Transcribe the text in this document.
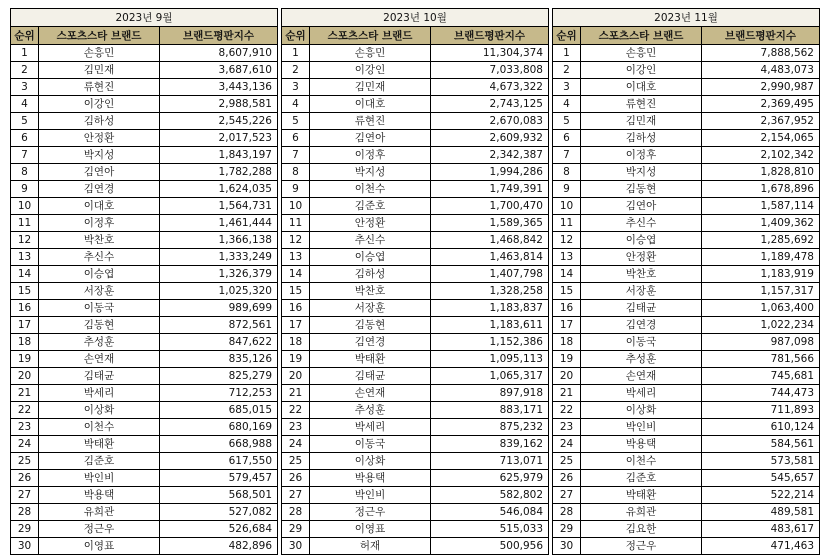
2023년 9월		
순위	스포츠스타 브랜드	브랜드평판지수
1	손흥민	8,607,910
2	김민재	3,687,610
3	류현진	3,443,136
4	이강인	2,988,581
5	김하성	2,545,226
6	안정환	2,017,523
7	박지성	1,843,197
8	김연아	1,782,288
9	김연경	1,624,035
10	이대호	1,564,731
11	이정후	1,461,444
12	박찬호	1,366,138
13	추신수	1,333,249
14	이승엽	1,326,379
15	서장훈	1,025,320
16	이동국	989,699
17	김동현	872,561
18	추성훈	847,622
19	손연재	835,126
20	김태균	825,279
21	박세리	712,253
22	이상화	685,015
23	이천수	680,169
24	박태환	668,988
25	김준호	617,550
26	박인비	579,457
27	박용택	568,501
28	유희관	527,082
29	정근우	526,684
30	이영표	482,896
2023년 10월		
순위	스포츠스타 브랜드	브랜드평판지수
1	손흥민	11,304,374
2	이강인	7,033,808
3	김민재	4,673,322
4	이대호	2,743,125
5	류현진	2,670,083
6	김연아	2,609,932
7	이정후	2,342,387
8	박지성	1,994,286
9	이천수	1,749,391
10	김준호	1,700,470
11	안정환	1,589,365
12	추신수	1,468,842
13	이승엽	1,463,814
14	김하성	1,407,798
15	박찬호	1,328,258
16	서장훈	1,183,837
17	김동현	1,183,611
18	김연경	1,152,386
19	박태환	1,095,113
20	김태균	1,065,317
21	손연재	897,918
22	추성훈	883,171
23	박세리	875,232
24	이동국	839,162
25	이상화	713,071
26	박용택	625,979
27	박인비	582,802
28	정근우	546,084
29	이영표	515,033
30	허재	500,956
2023년 11월		
순위	스포츠스타 브랜드	브랜드평판지수
1	손흥민	7,888,562
2	이강인	4,483,073
3	이대호	2,990,987
4	류현진	2,369,495
5	김민재	2,367,952
6	김하성	2,154,065
7	이정후	2,102,342
8	박지성	1,828,810
9	김동현	1,678,896
10	김연아	1,587,114
11	추신수	1,409,362
12	이승엽	1,285,692
13	안정환	1,189,478
14	박찬호	1,183,919
15	서장훈	1,157,317
16	김태균	1,063,400
17	김연경	1,022,234
18	이동국	987,098
19	추성훈	781,566
20	손연재	745,681
21	박세리	744,473
22	이상화	711,893
23	박인비	610,124
24	박용택	584,561
25	이천수	573,581
26	김준호	545,657
27	박태환	522,214
28	유희관	489,581
29	김요한	483,617
30	정근우	471,463
